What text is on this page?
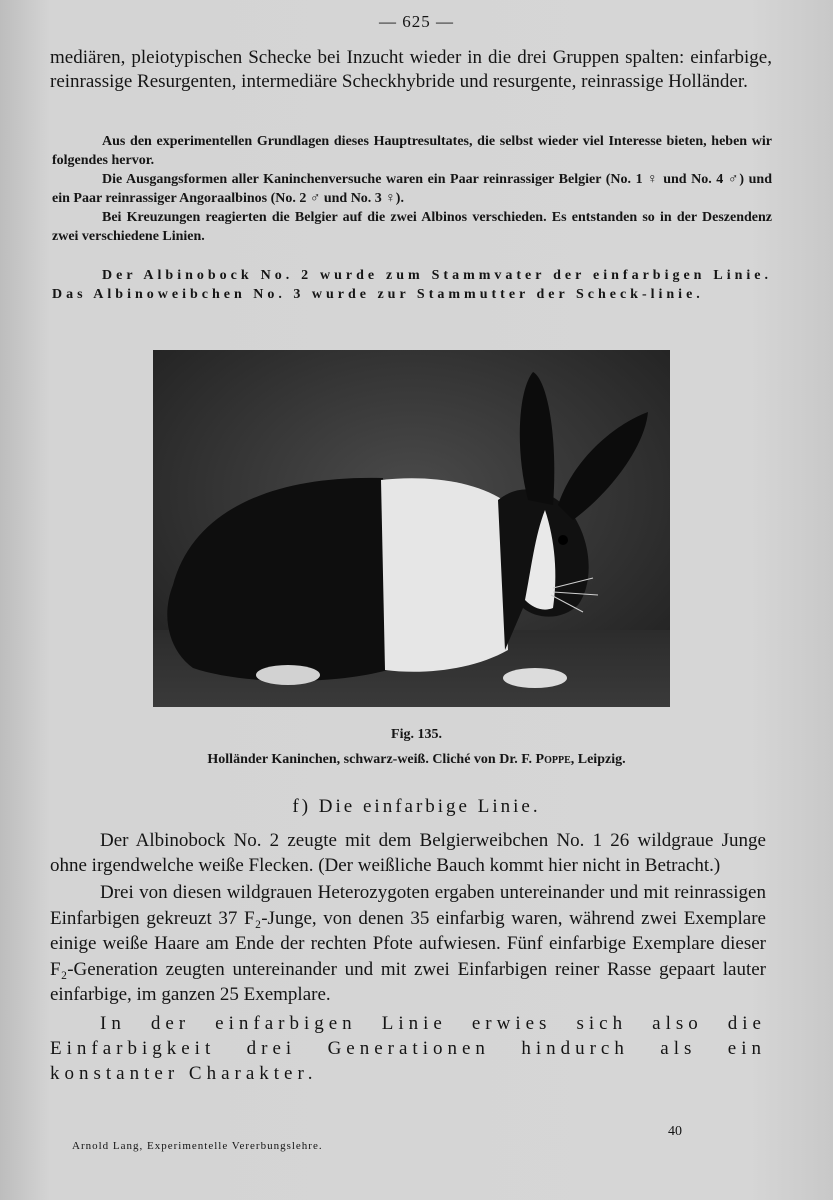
— 625 —

mediären, pleiotypischen Schecke bei Inzucht wieder in die drei Gruppen spalten: einfarbige, reinrassige Resurgenten, intermediäre Scheckhybride und resurgente, reinrassige Holländer.

Aus den experimentellen Grundlagen dieses Hauptresultates, die selbst wieder viel Interesse bieten, heben wir folgendes hervor.

Die Ausgangsformen aller Kaninchenversuche waren ein Paar reinrassiger Belgier (No. 1 ♀ und No. 4 ♂) und ein Paar reinrassiger Angoraalbinos (No. 2 ♂ und No. 3 ♀).

Bei Kreuzungen reagierten die Belgier auf die zwei Albinos verschieden. Es entstanden so in der Deszendenz zwei verschiedene Linien.

Der Albinobock No. 2 wurde zum Stammvater der einfarbigen Linie. Das Albinoweibchen No. 3 wurde zur Stammutter der Scheck-linie.

Fig. 135.
Holländer Kaninchen, schwarz-weiß. Cliché von Dr. F. Poppe, Leipzig.
f) Die einfarbige Linie.

Der Albinobock No. 2 zeugte mit dem Belgierweibchen No. 1 26 wildgraue Junge ohne irgendwelche weiße Flecken. (Der weißliche Bauch kommt hier nicht in Betracht.)

Drei von diesen wildgrauen Heterozygoten ergaben untereinander und mit reinrassigen Einfarbigen gekreuzt 37 F₂-Junge, von denen 35 einfarbig waren, während zwei Exemplare einige weiße Haare am Ende der rechten Pfote aufwiesen. Fünf einfarbige Exemplare dieser F₂-Generation zeugten untereinander und mit zwei Einfarbigen reiner Rasse gepaart lauter einfarbige, im ganzen 25 Exemplare.

In der einfarbigen Linie erwies sich also die Einfarbigkeit drei Generationen hindurch als ein konstanter Charakter.

40
Arnold Lang, Experimentelle Vererbungslehre.
